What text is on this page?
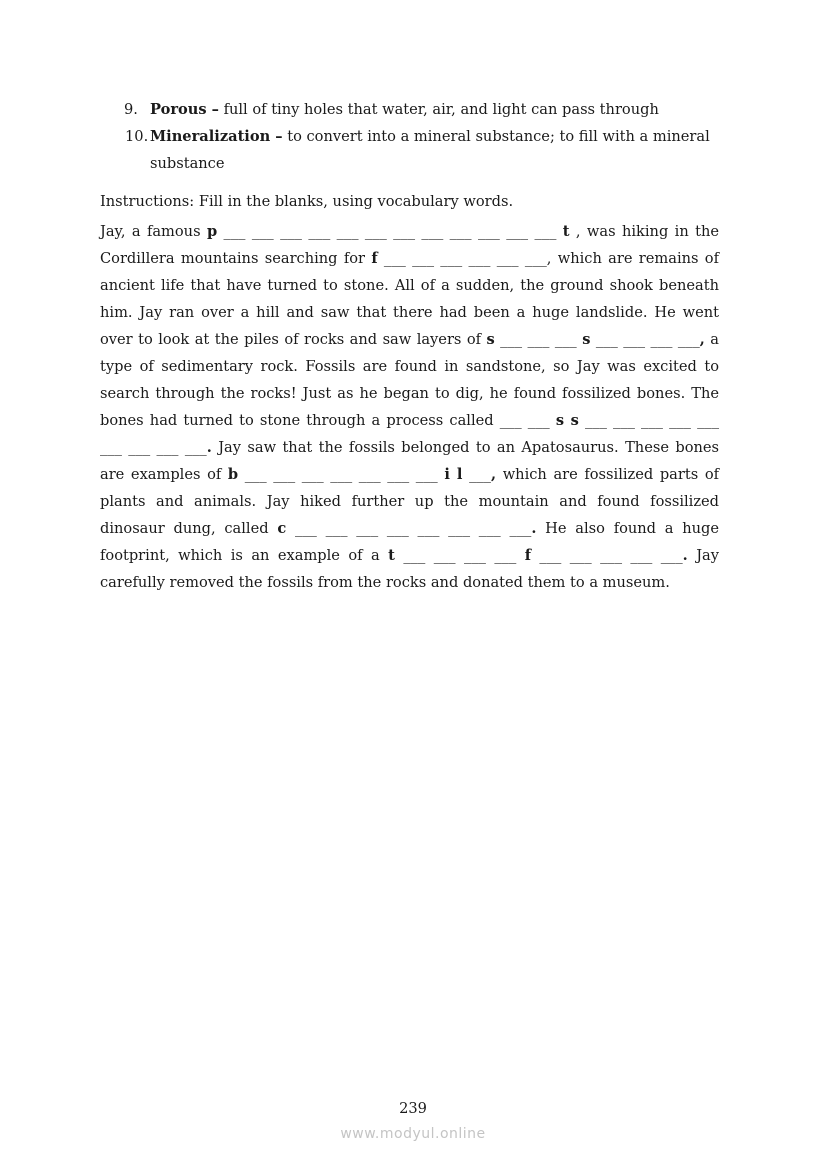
9. Porous – full of tiny holes that water, air, and light can pass through
10. Mineralization – to convert into a mineral substance; to fill with a mineral substance
Instructions: Fill in the blanks, using vocabulary words.

Jay, a famous p ___ ___ ___ ___ ___ ___ ___ ___ ___ ___ ___ ___ t , was hiking in the Cordillera mountains searching for f ___ ___ ___ ___ ___ ___, which are remains of ancient life that have turned to stone. All of a sudden, the ground shook beneath him. Jay ran over a hill and saw that there had been a huge landslide. He went over to look at the piles of rocks and saw layers of s ___ ___ ___ s ___ ___ ___ ___, a type of sedimentary rock. Fossils are found in sandstone, so Jay was excited to search through the rocks! Just as he began to dig, he found fossilized bones. The bones had turned to stone through a process called ___ ___ s s ___ ___ ___ ___ ___ ___ ___ ___ ___. Jay saw that the fossils belonged to an Apatosaurus. These bones are examples of b ___ ___ ___ ___ ___ ___ ___ i l ___, which are fossilized parts of plants and animals. Jay hiked further up the mountain and found fossilized dinosaur dung, called c ___ ___ ___ ___ ___ ___ ___ ___. He also found a huge footprint, which is an example of a t ___ ___ ___ ___ f ___ ___ ___ ___ ___. Jay carefully removed the fossils from the rocks and donated them to a museum.

239
www.modyul.online
